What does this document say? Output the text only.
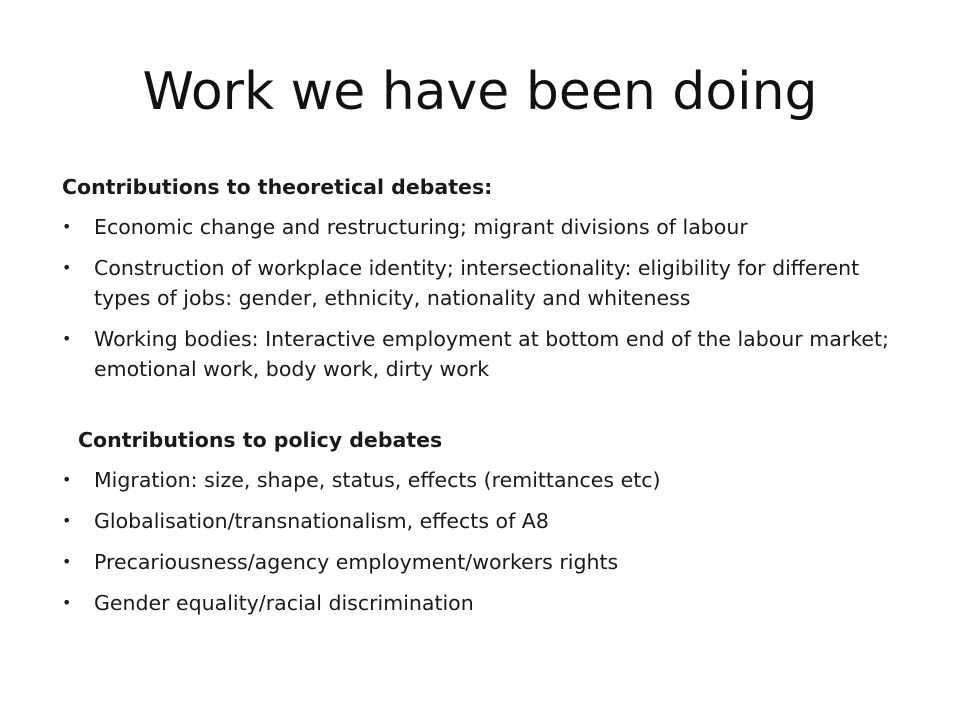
Work we have been doing
Contributions to theoretical debates:
• Economic change and restructuring; migrant divisions of labour
• Construction of workplace identity; intersectionality: eligibility for different types of jobs: gender, ethnicity, nationality and whiteness
• Working bodies: Interactive employment at bottom end of the labour market; emotional work, body work, dirty work
Contributions to policy debates
• Migration: size, shape, status, effects (remittances etc)
• Globalisation/transnationalism, effects of A8
• Precariousness/agency employment/workers rights
• Gender equality/racial discrimination
